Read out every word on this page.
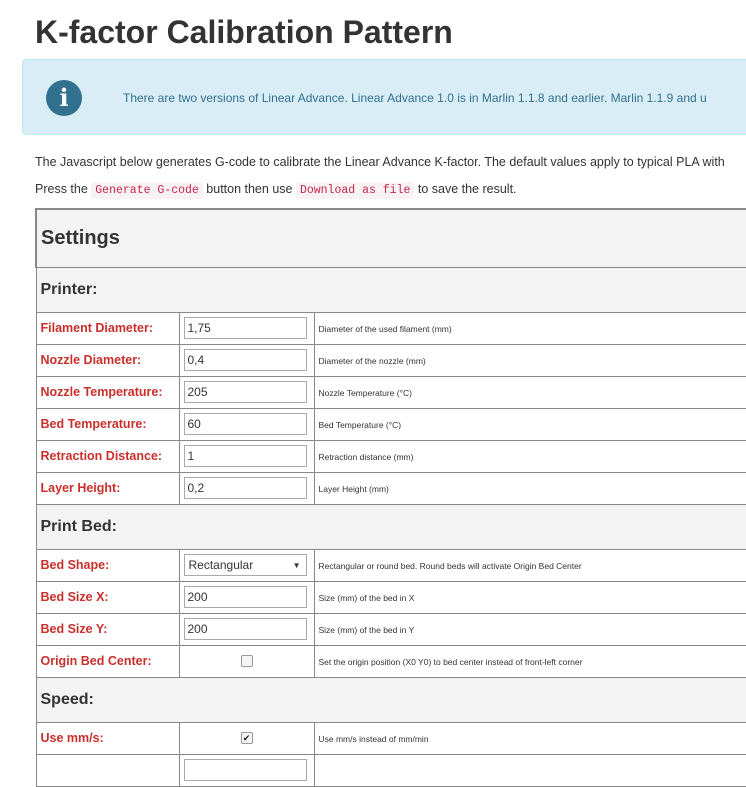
K-factor Calibration Pattern
i	There are two versions of Linear Advance. Linear Advance 1.0 is in Marlin 1.1.8 and earlier. Marlin 1.1.9 and u
The Javascript below generates G-code to calibrate the Linear Advance K-factor. The default values apply to typical PLA with
Press the Generate G-code button then use Download as file to save the result.
Settings		
Printer:		
Filament Diameter:	1,75	Diameter of the used filament (mm)
Nozzle Diameter:	0,4	Diameter of the nozzle (mm)
Nozzle Temperature:	205	Nozzle Temperature (°C)
Bed Temperature:	60	Bed Temperature (°C)
Retraction Distance:	1	Retraction distance (mm)
Layer Height:	0,2	Layer Height (mm)
Print Bed:		
Bed Shape:	Rectangular ▼	Rectangular or round bed. Round beds will activate Origin Bed Center
Bed Size X:	200	Size (mm) of the bed in X
Bed Size Y:	200	Size (mm) of the bed in Y
Origin Bed Center:		Set the origin position (X0 Y0) to bed center instead of front-left corner
Speed:		
Use mm/s:	✔	Use mm/s instead of mm/min
